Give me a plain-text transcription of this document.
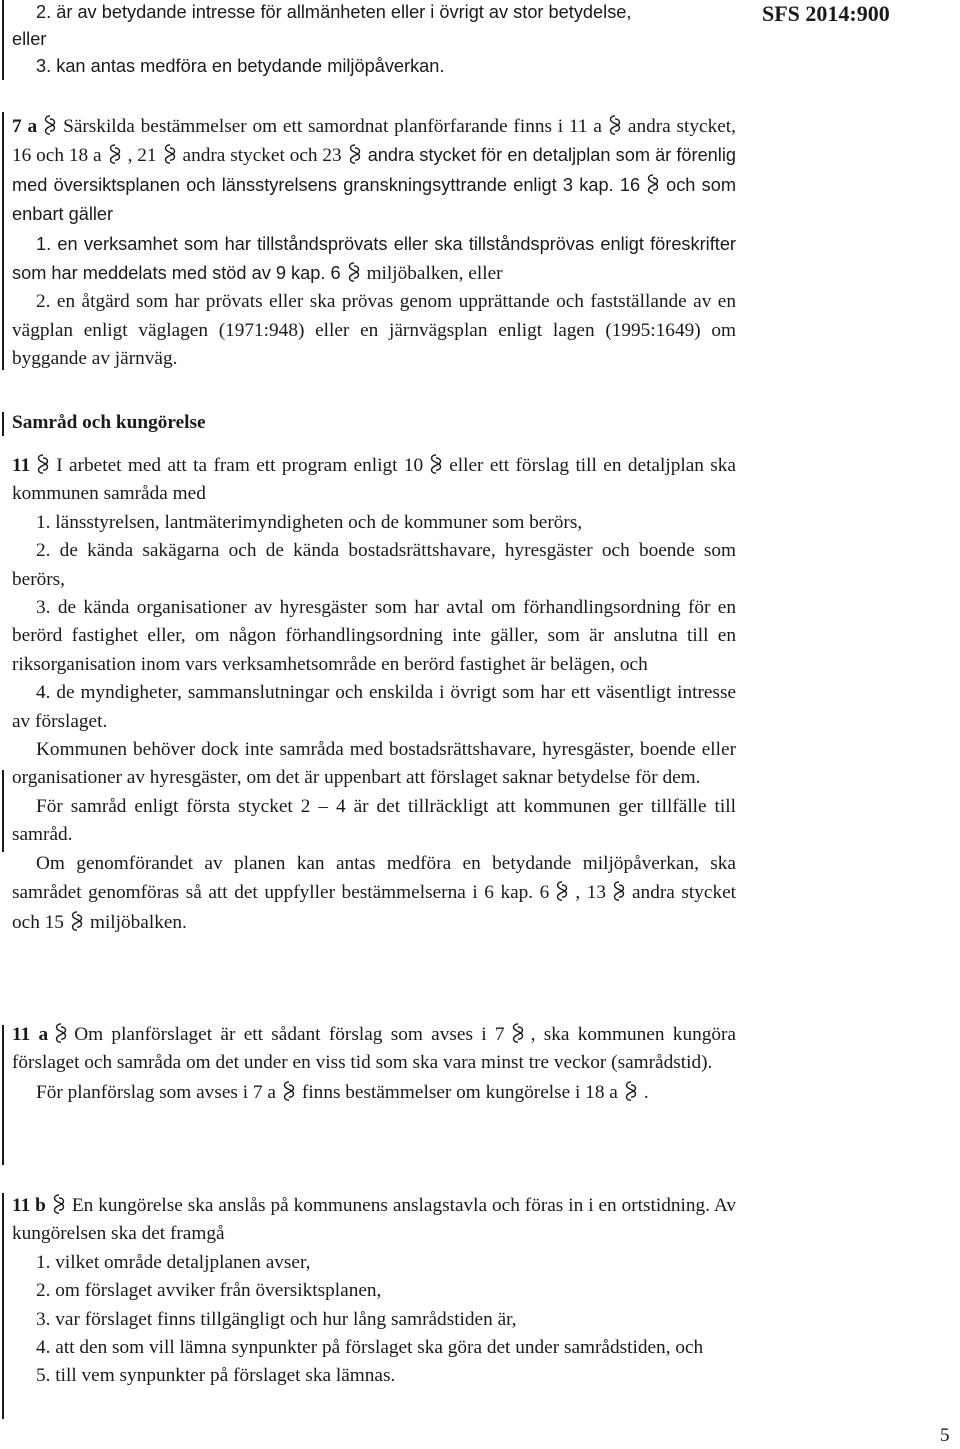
SFS 2014:900
5

2. är av betydande intresse för allmänheten eller i övrigt av stor betydelse,

eller

3. kan antas medföra en betydande miljöpåverkan.

7 a Särskilda bestämmelser om ett samordnat planförfarande finns i 11 a andra stycket, 16 och 18 a , 21 andra stycket och 23 andra stycket för en detaljplan som är förenlig med översiktsplanen och länsstyrelsens granskningsyttrande enligt 3 kap. 16 och som enbart gäller

1. en verksamhet som har tillståndsprövats eller ska tillståndsprövas enligt föreskrifter som har meddelats med stöd av 9 kap. 6 miljöbalken, eller

2. en åtgärd som har prövats eller ska prövas genom upprättande och fastställande av en vägplan enligt väglagen (1971:948) eller en järnvägsplan enligt lagen (1995:1649) om byggande av järnväg.

Samråd och kungörelse

11 I arbetet med att ta fram ett program enligt 10 eller ett förslag till en detaljplan ska kommunen samråda med

1. länsstyrelsen, lantmäterimyndigheten och de kommuner som berörs,

2. de kända sakägarna och de kända bostadsrättshavare, hyresgäster och boende som berörs,

3. de kända organisationer av hyresgäster som har avtal om förhandlingsordning för en berörd fastighet eller, om någon förhandlingsordning inte gäller, som är anslutna till en riksorganisation inom vars verksamhetsområde en berörd fastighet är belägen, och

4. de myndigheter, sammanslutningar och enskilda i övrigt som har ett väsentligt intresse av förslaget.

Kommunen behöver dock inte samråda med bostadsrättshavare, hyresgäster, boende eller organisationer av hyresgäster, om det är uppenbart att förslaget saknar betydelse för dem.

För samråd enligt första stycket 2 – 4 är det tillräckligt att kommunen ger tillfälle till samråd.

Om genomförandet av planen kan antas medföra en betydande miljöpåverkan, ska samrådet genomföras så att det uppfyller bestämmelserna i 6 kap. 6 , 13 andra stycket och 15 miljöbalken.

11 a Om planförslaget är ett sådant förslag som avses i 7 , ska kommunen kungöra förslaget och samråda om det under en viss tid som ska vara minst tre veckor (samrådstid).

För planförslag som avses i 7 a finns bestämmelser om kungörelse i 18 a .

11 b En kungörelse ska anslås på kommunens anslagstavla och föras in i en ortstidning. Av kungörelsen ska det framgå

1. vilket område detaljplanen avser,

2. om förslaget avviker från översiktsplanen,

3. var förslaget finns tillgängligt och hur lång samrådstiden är,

4. att den som vill lämna synpunkter på förslaget ska göra det under samrådstiden, och

5. till vem synpunkter på förslaget ska lämnas.
